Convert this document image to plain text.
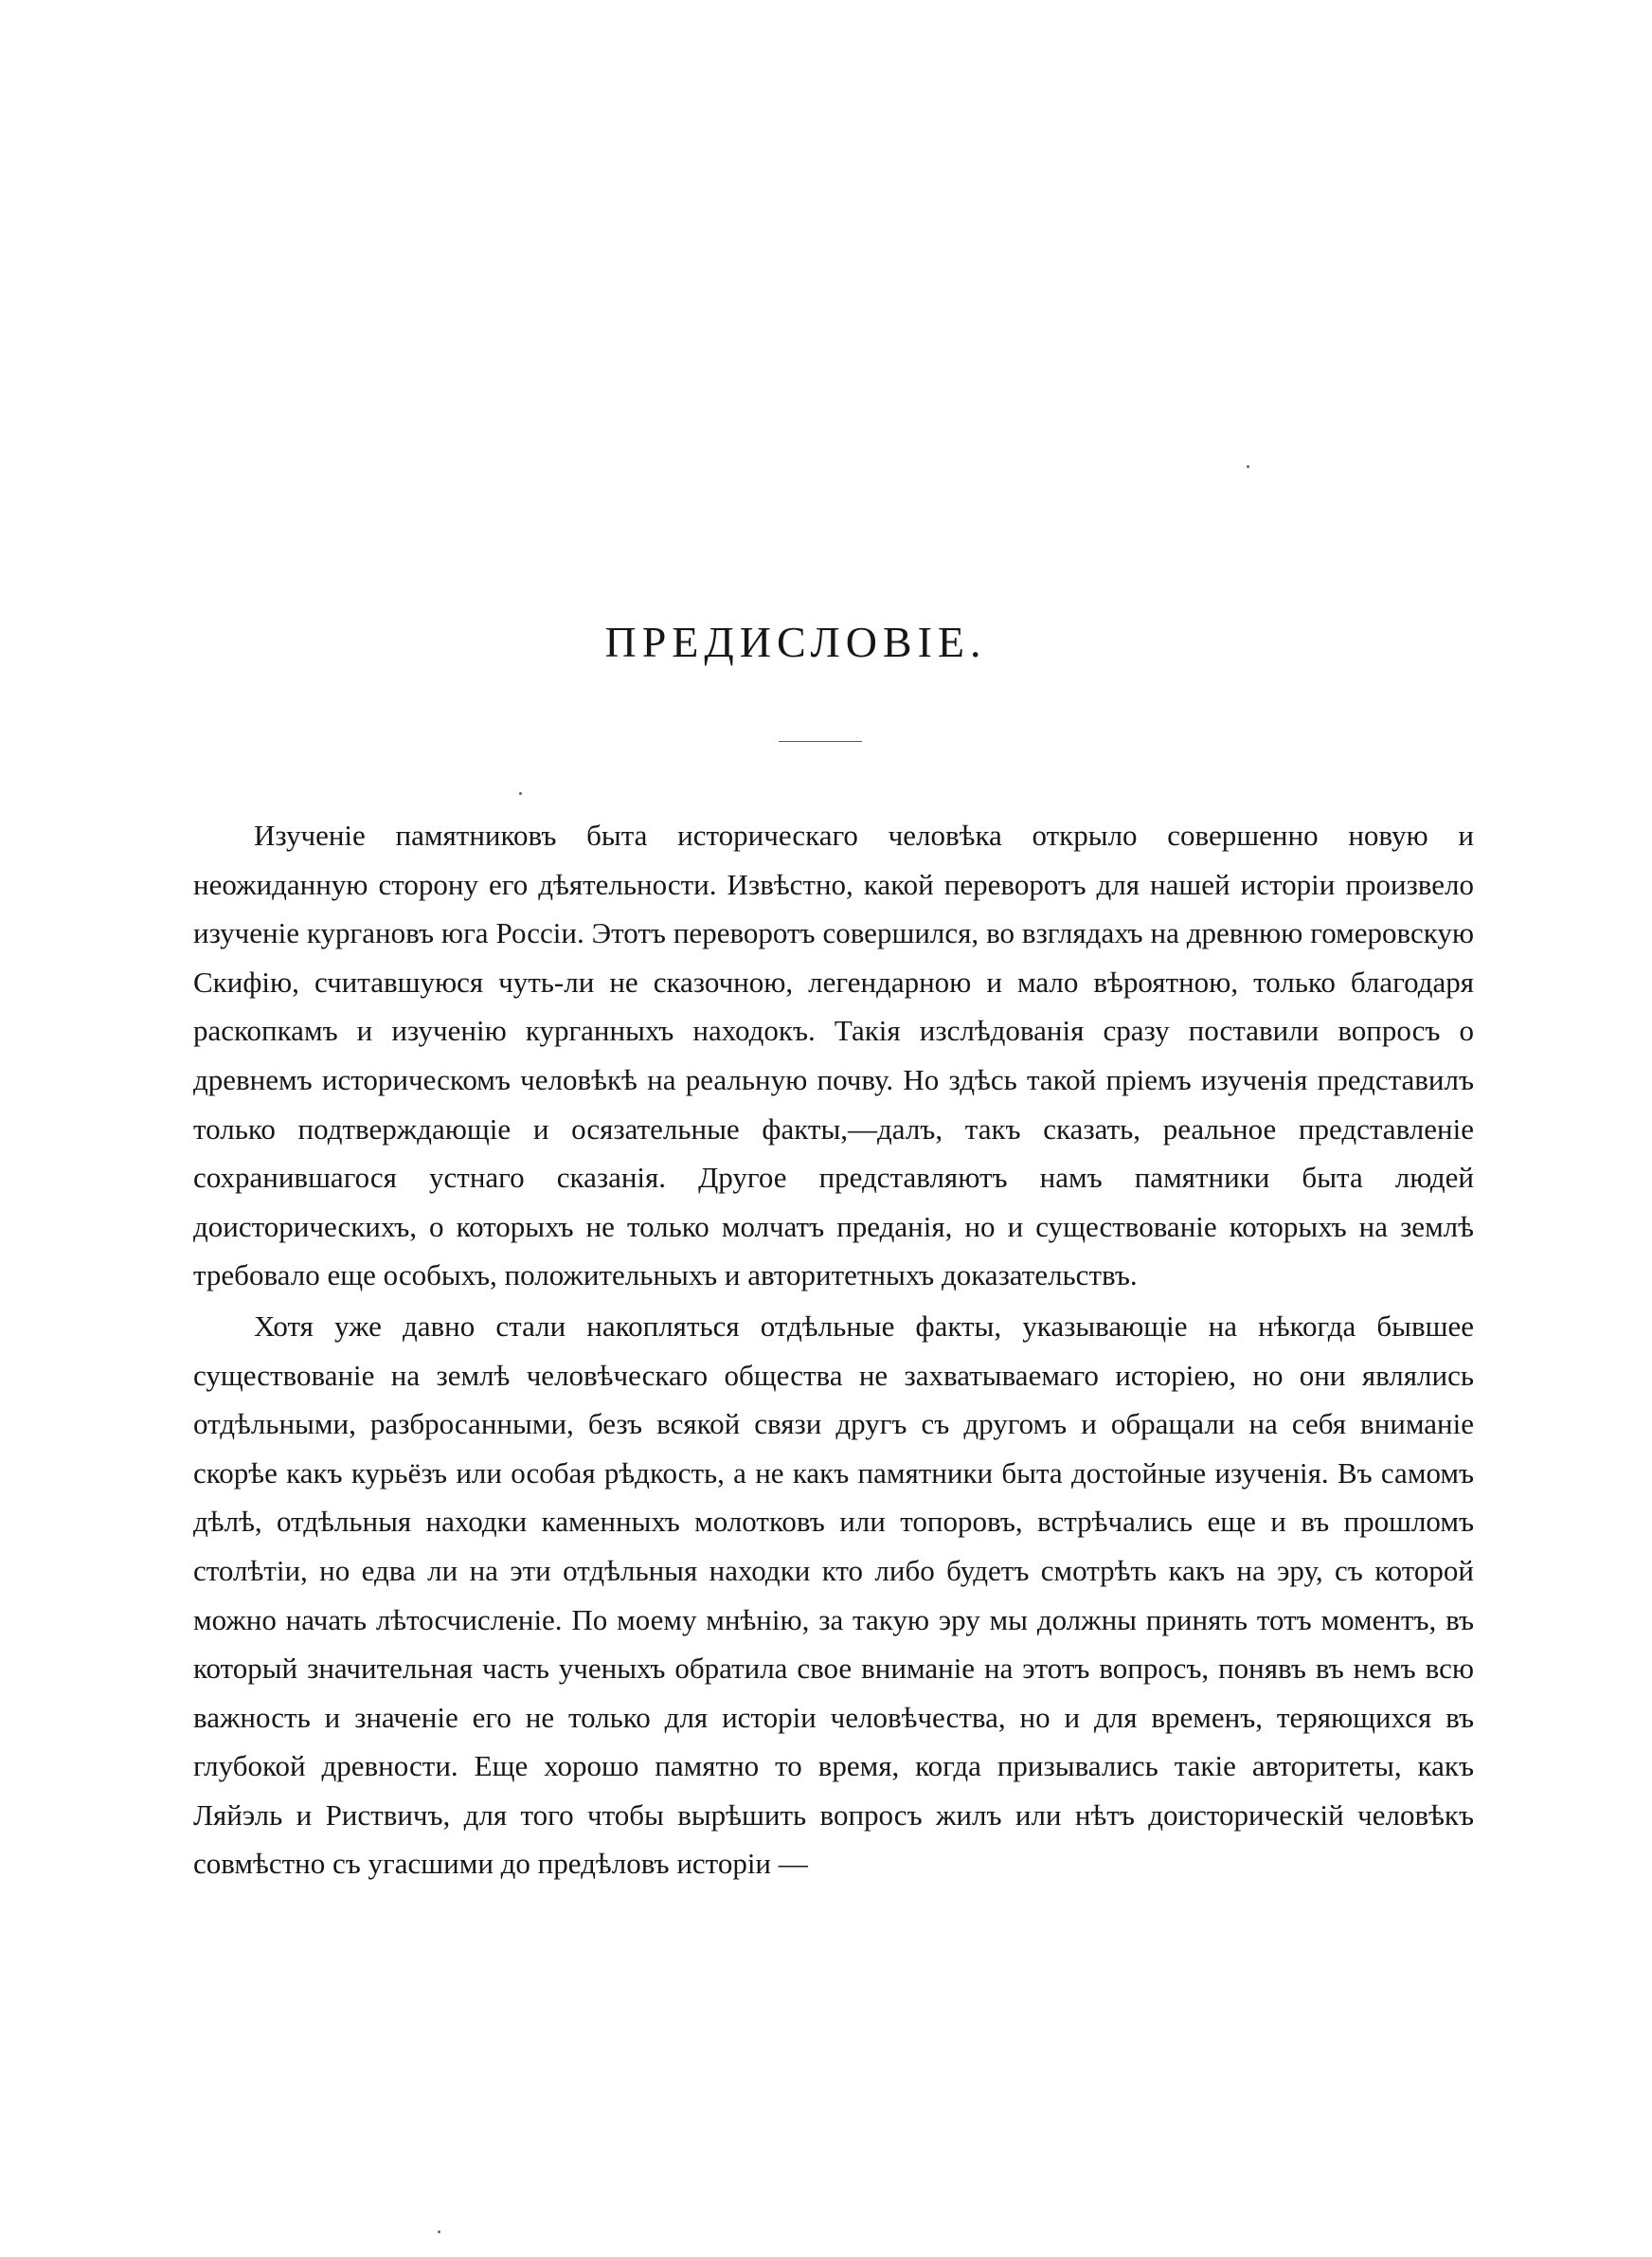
ПРЕДИСЛОВІЕ.

Изученіе памятниковъ быта историческаго человѣка открыло совершенно новую и неожиданную сторону его дѣятельности. Извѣстно, какой переворотъ для нашей исторіи произвело изученіе кургановъ юга Россіи. Этотъ переворотъ совершился, во взглядахъ на древнюю гомеровскую Скифію, считавшуюся чуть-ли не сказочною, легендарною и мало вѣроятною, только благодаря раскопкамъ и изученію курганныхъ находокъ. Такія изслѣдованія сразу поставили вопросъ о древнемъ историческомъ человѣкѣ на реальную почву. Но здѣсь такой пріемъ изученія представилъ только подтверждающіе и осязательные факты,—далъ, такъ сказать, реальное представленіе сохранившагося устнаго сказанія. Другое представляютъ намъ памятники быта людей доисторическихъ, о которыхъ не только молчатъ преданія, но и существованіе которыхъ на землѣ требовало еще особыхъ, положительныхъ и авторитетныхъ доказательствъ.

Хотя уже давно стали накопляться отдѣльные факты, указывающіе на нѣкогда бывшее существованіе на землѣ человѣческаго общества не захватываемаго исторіею, но они являлись отдѣльными, разбросанными, безъ всякой связи другъ съ другомъ и обращали на себя вниманіе скорѣе какъ курьёзъ или особая рѣдкость, а не какъ памятники быта достойные изученія. Въ самомъ дѣлѣ, отдѣльныя находки каменныхъ молотковъ или топоровъ, встрѣчались еще и въ прошломъ столѣтіи, но едва ли на эти отдѣльныя находки кто либо будетъ смотрѣть какъ на эру, съ которой можно начать лѣтосчисленіе. По моему мнѣнію, за такую эру мы должны принять тотъ моментъ, въ который значительная часть ученыхъ обратила свое вниманіе на этотъ вопросъ, понявъ въ немъ всю важность и значеніе его не только для исторіи человѣчества, но и для временъ, теряющихся въ глубокой древности. Еще хорошо памятно то время, когда призывались такіе авторитеты, какъ Ляйэль и Риствичъ, для того чтобы вырѣшить вопросъ жилъ или нѣтъ доисторическій человѣкъ совмѣстно съ угасшими до предѣловъ исторіи —
